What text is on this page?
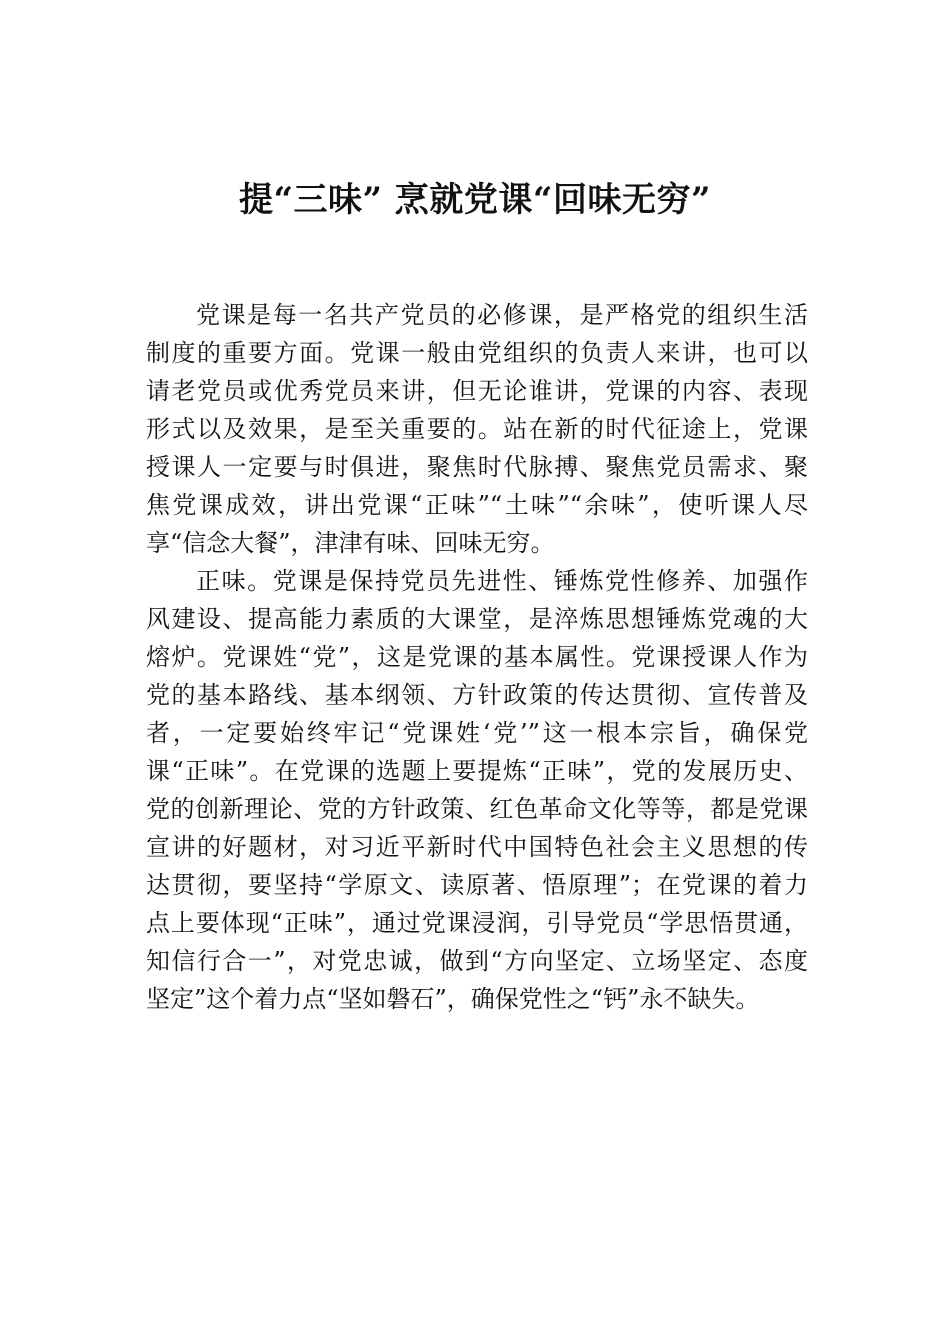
提“三味” 烹就党课“回味无穷”
党课是每一名共产党员的必修课，是严格党的组织生活
制度的重要方面。党课一般由党组织的负责人来讲，也可以
请老党员或优秀党员来讲，但无论谁讲，党课的内容、表现
形式以及效果，是至关重要的。站在新的时代征途上，党课
授课人一定要与时俱进，聚焦时代脉搏、聚焦党员需求、聚
焦党课成效，讲出党课“正味”“土味”“余味”，使听课人尽
享“信念大餐”，津津有味、回味无穷。
正味。党课是保持党员先进性、锤炼党性修养、加强作
风建设、提高能力素质的大课堂，是淬炼思想锤炼党魂的大
熔炉。党课姓“党”，这是党课的基本属性。党课授课人作为
党的基本路线、基本纲领、方针政策的传达贯彻、宣传普及
者，一定要始终牢记“党课姓‘党’”这一根本宗旨，确保党
课“正味”。在党课的选题上要提炼“正味”，党的发展历史、
党的创新理论、党的方针政策、红色革命文化等等，都是党课
宣讲的好题材，对习近平新时代中国特色社会主义思想的传
达贯彻，要坚持“学原文、读原著、悟原理”；在党课的着力
点上要体现“正味”，通过党课浸润，引导党员“学思悟贯通，
知信行合一”，对党忠诚，做到“方向坚定、立场坚定、态度
坚定”这个着力点“坚如磐石”，确保党性之“钙”永不缺失。
